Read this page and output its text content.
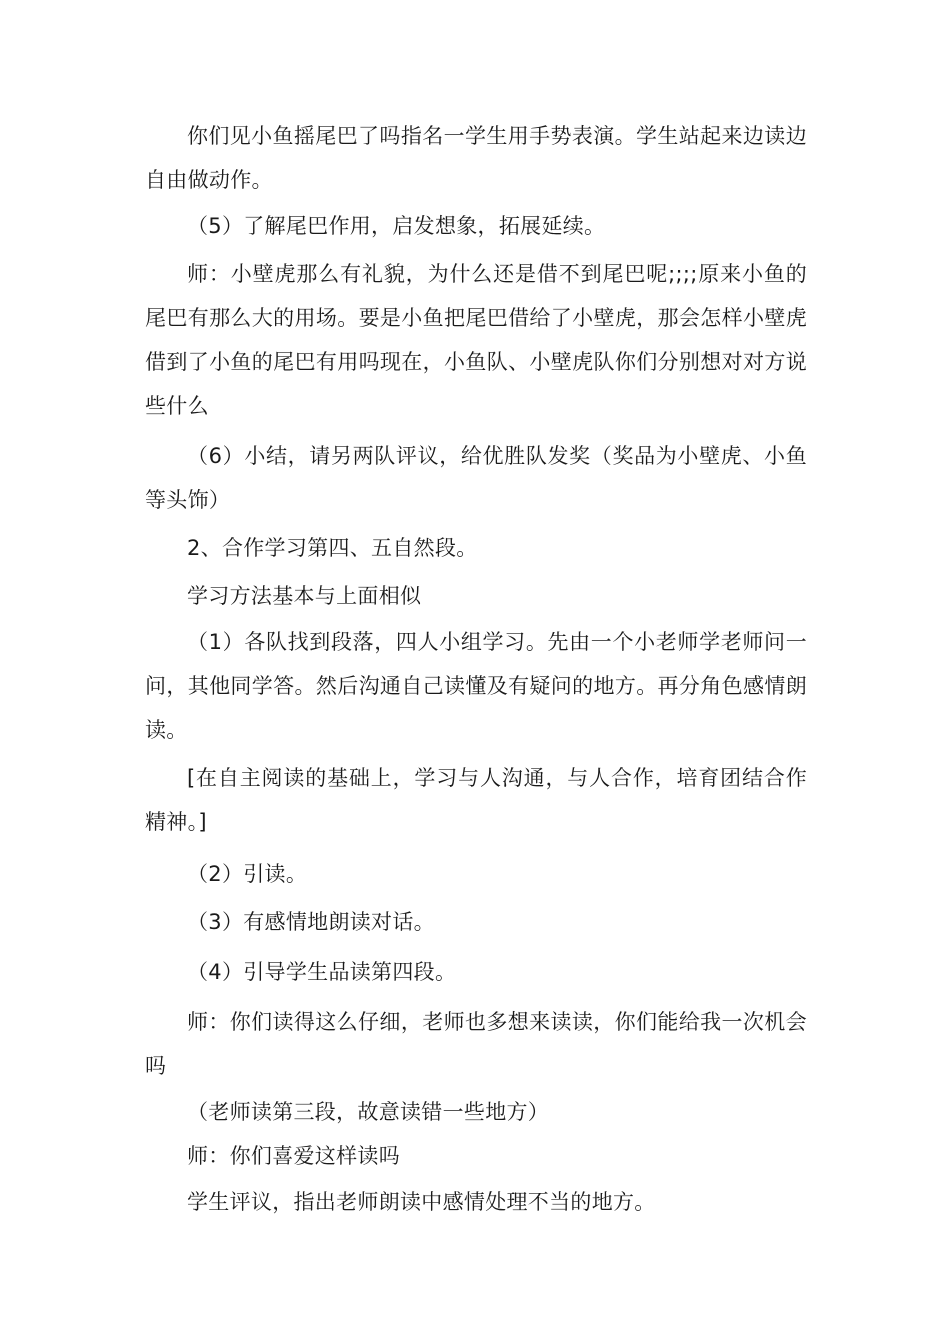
你们见小鱼摇尾巴了吗指名一学生用手势表演。学生站起来边读边自由做动作。

（5）了解尾巴作用，启发想象，拓展延续。

师：小壁虎那么有礼貌，为什么还是借不到尾巴呢;;;;原来小鱼的尾巴有那么大的用场。要是小鱼把尾巴借给了小壁虎，那会怎样小壁虎借到了小鱼的尾巴有用吗现在，小鱼队、小壁虎队你们分别想对对方说些什么

（6）小结，请另两队评议，给优胜队发奖（奖品为小壁虎、小鱼等头饰）

2、合作学习第四、五自然段。

学习方法基本与上面相似

（1）各队找到段落，四人小组学习。先由一个小老师学老师问一问，其他同学答。然后沟通自己读懂及有疑问的地方。再分角色感情朗读。

[在自主阅读的基础上，学习与人沟通，与人合作，培育团结合作精神。]

（2）引读。

（3）有感情地朗读对话。

（4）引导学生品读第四段。

师：你们读得这么仔细，老师也多想来读读，你们能给我一次机会吗

（老师读第三段，故意读错一些地方）

师：你们喜爱这样读吗

学生评议，指出老师朗读中感情处理不当的地方。
